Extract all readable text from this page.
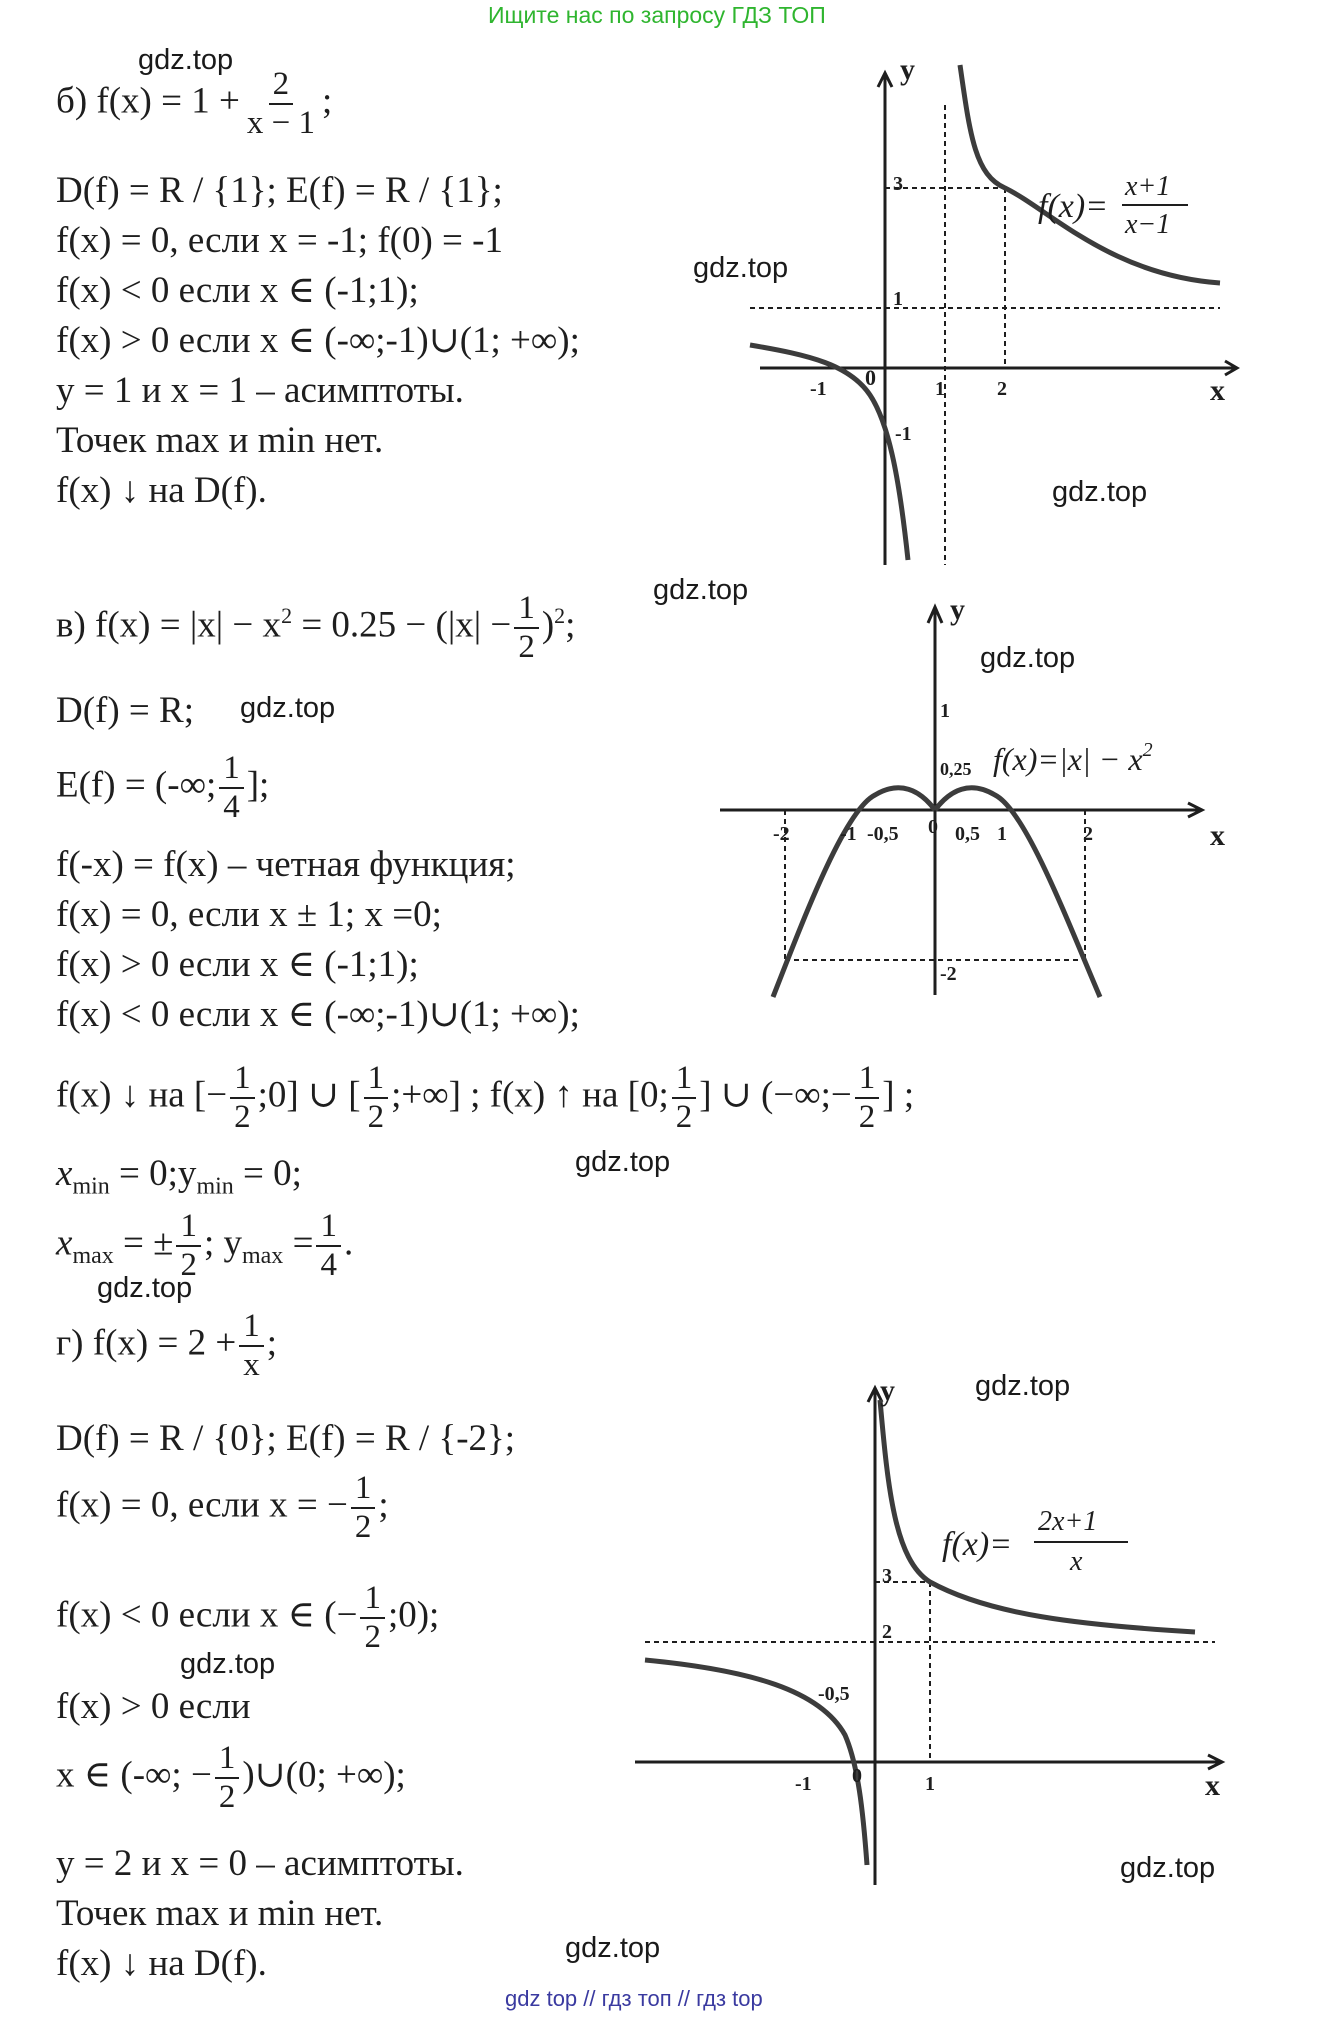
Ищите нас по запросу ГДЗ ТОП
б) $f(x) = 1 + \frac{2}{x - 1}$ ;
D(f) = R / {1}; E(f) = R / {1};
f(x) = 0, если x = -1; f(0) = -1
f(x) < 0 если x ∈ (-1;1);
f(x) > 0 если x ∈ (-∞;-1)∪(1; +∞);
y = 1 и x = 1 – асимптоты.
Точек max и min нет.
f(x) ↓ на D(f).
y
x
-1 0	1	2
1
3
-1
f(x)=
x+1
x−1
в) $f(x) = |x| - x^2 = 0.25 - (|x| - \frac{1}{2} )^2$;
D(f) = R;
E(f) = (-∞; $\frac{1}{4}$ ];
f(-x) = f(x) – четная функция;
f(x) = 0, если x ± 1; x =0;
f(x) > 0 если x ∈ (-1;1);
f(x) < 0 если x ∈ (-∞;-1)∪(1; +∞);
f(x) ↓ на [− $\frac{1}{2}$ ;0] ∪ [ $\frac{1}{2}$ ;+∞] ; f(x) ↑ на [0; $\frac{1}{2}$ ] ∪ (−∞;− $\frac{1}{2}$ ] ;
$x_{min}$ = $0;y_{min} = 0$;
$x_{max}$ = ± $\frac{1}{2}$ ; $y_{max} = \frac{1}{4}$ .
y
x
-2	-1 -0,5 0 0,5 1	2
1
0,25
-2
$f(x)=|x| - x^2$
г) $f(x) = 2 + \frac{1}{x}$ ;
D(f) = R / {0}; E(f) = R / {-2};
f(x) = 0, если x = − $\frac{1}{2}$ ;
f(x) < 0 если x ∈ (− $\frac{1}{2}$ ;0);
f(x) > 0 если
x ∈ (-∞; − $\frac{1}{2}$ )∪(0; +∞);
y = 2 и x = 0 – асимптоты.
Точек max и min нет.
f(x) ↓ на D(f).
y
x
-1 0	1
3
2
-0,5
f(x)=
2x+1
x
gdz.top
gdz.top
gdz.top
gdz.top
gdz.top
gdz.top
gdz.top
gdz.top
gdz.top
gdz.top
gdz.top
gdz.top
gdz top // гдз топ // гдз top
